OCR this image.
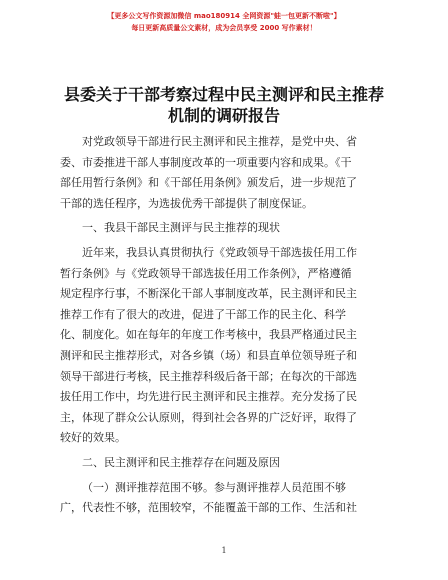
【更多公文写作资源加微信 mao180914 全网资源"蛙一包更新不断啦"】
每日更新高质量公文素材，成为会员享受 2000 写作素材！
县委关于干部考察过程中民主测评和民主推荐
机制的调研报告
对党政领导干部进行民主测评和民主推荐，是党中央、省
委、市委推进干部人事制度改革的一项重要内容和成果。《干
部任用暂行条例》和《干部任用条例》颁发后，进一步规范了
干部的选任程序，为选拔优秀干部提供了制度保证。
一、我县干部民主测评与民主推荐的现状
近年来，我县认真贯彻执行《党政领导干部选拔任用工作
暂行条例》与《党政领导干部选拔任用工作条例》，严格遵循
规定程序行事，不断深化干部人事制度改革，民主测评和民主
推荐工作有了很大的改进，促进了干部工作的民主化、科学
化、制度化。如在每年的年度工作考核中，我县严格通过民主
测评和民主推荐形式，对各乡镇（场）和县直单位领导班子和
领导干部进行考核，民主推荐科级后备干部；在每次的干部选
拔任用工作中，均先进行民主测评和民主推荐。充分发扬了民
主，体现了群众公认原则，得到社会各界的广泛好评，取得了
较好的效果。
二、民主测评和民主推荐存在问题及原因
（一）测评推荐范围不够。参与测评推荐人员范围不够
广，代表性不够，范围较窄，不能覆盖干部的工作、生活和社
1
